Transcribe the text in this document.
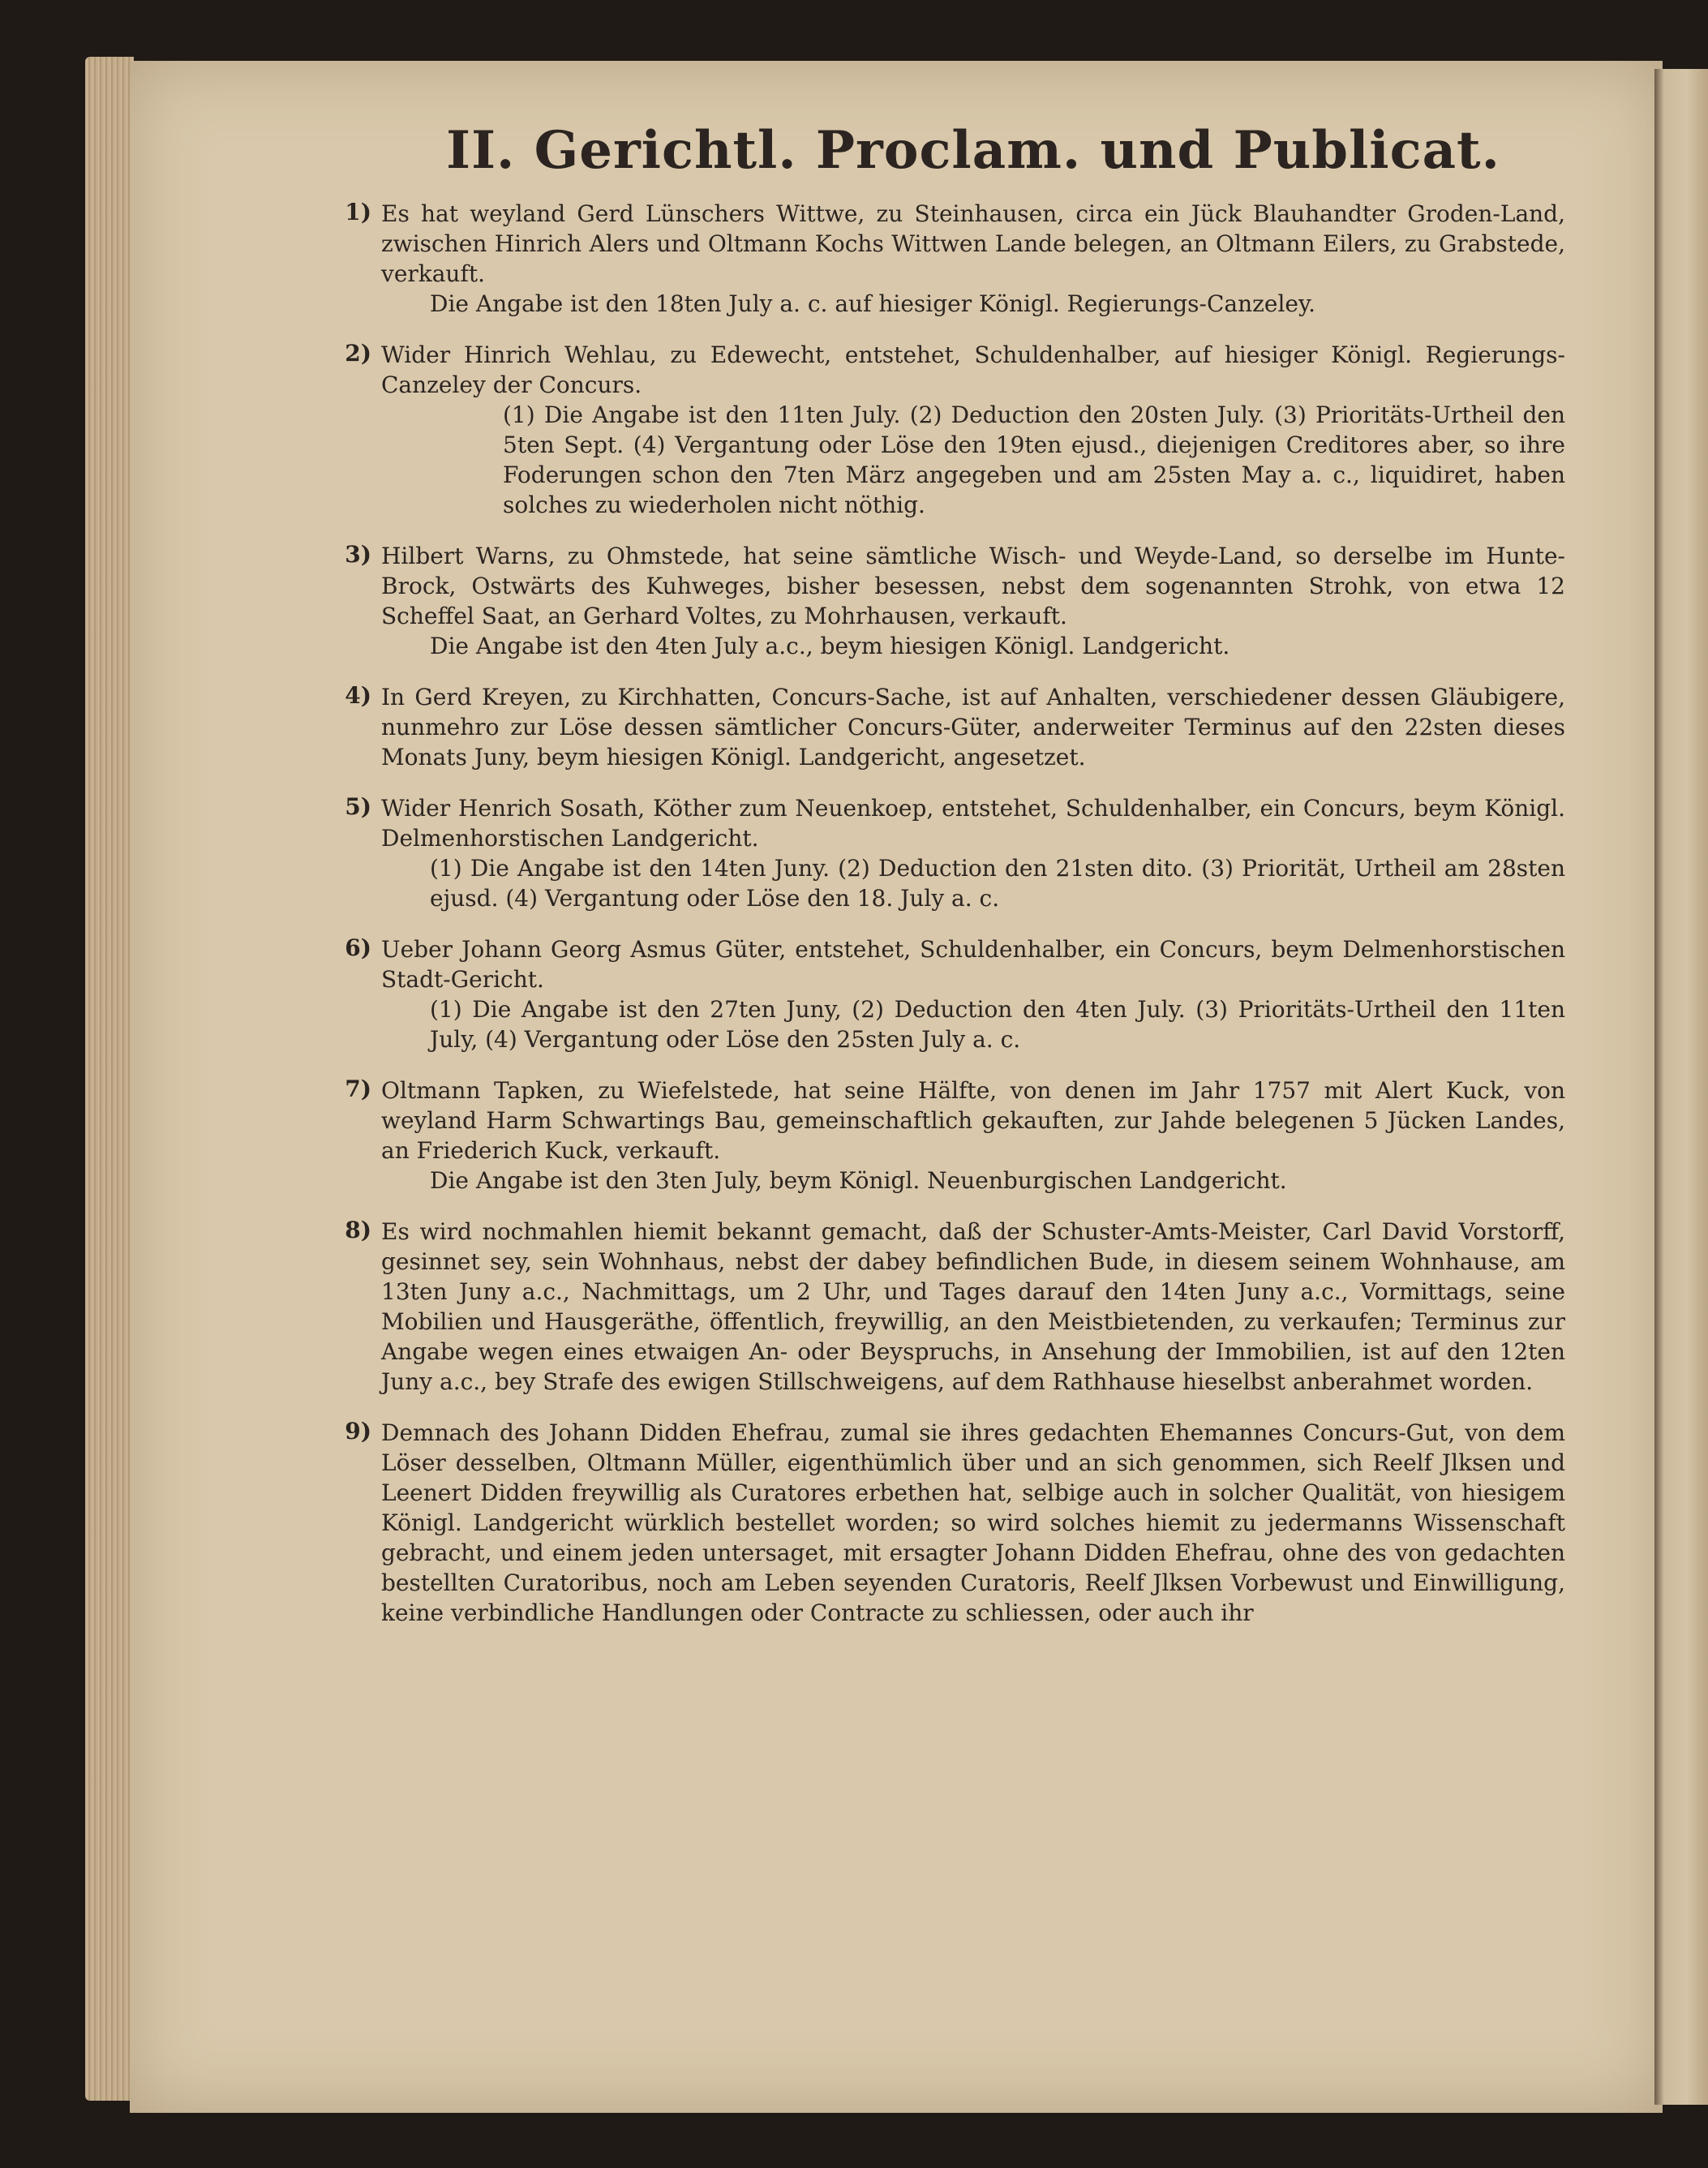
II. Gerichtl. Proclam. und Publicat.
1) Es hat weyland Gerd Lünschers Wittwe, zu Steinhausen, circa ein Jück Blauhandter Groden-Land, zwischen Hinrich Alers und Oltmann Kochs Wittwen Lande belegen, an Oltmann Eilers, zu Grabstede, verkauft.
Die Angabe ist den 18ten July a. c. auf hiesiger Königl. Regierungs-Canzeley.
2) Wider Hinrich Wehlau, zu Edewecht, entstehet, Schuldenhalber, auf hiesiger Königl. Regierungs-Canzeley der Concurs.
(1) Die Angabe ist den 11ten July. (2) Deduction den 20sten July. (3) Prioritäts-Urtheil den 5ten Sept. (4) Vergantung oder Löse den 19ten ejusd., diejenigen Creditores aber, so ihre Foderungen schon den 7ten März angegeben und am 25sten May a. c., liquidiret, haben solches zu wiederholen nicht nöthig.
3) Hilbert Warns, zu Ohmstede, hat seine sämtliche Wisch- und Weyde-Land, so derselbe im Hunte-Brock, Ostwärts des Kuhweges, bisher besessen, nebst dem sogenannten Strohk, von etwa 12 Scheffel Saat, an Gerhard Voltes, zu Mohrhausen, verkauft.
Die Angabe ist den 4ten July a.c., beym hiesigen Königl. Landgericht.
4) In Gerd Kreyen, zu Kirchhatten, Concurs-Sache, ist auf Anhalten, verschiedener dessen Gläubigere, nunmehro zur Löse dessen sämtlicher Concurs-Güter, anderweiter Terminus auf den 22sten dieses Monats Juny, beym hiesigen Königl. Landgericht, angesetzet.
5) Wider Henrich Sosath, Köther zum Neuenkoep, entstehet, Schuldenhalber, ein Concurs, beym Königl. Delmenhorstischen Landgericht.
(1) Die Angabe ist den 14ten Juny. (2) Deduction den 21sten dito. (3) Priorität, Urtheil am 28sten ejusd. (4) Vergantung oder Löse den 18. July a. c.
6) Ueber Johann Georg Asmus Güter, entstehet, Schuldenhalber, ein Concurs, beym Delmenhorstischen Stadt-Gericht.
(1) Die Angabe ist den 27ten Juny, (2) Deduction den 4ten July. (3) Prioritäts-Urtheil den 11ten July, (4) Vergantung oder Löse den 25sten July a. c.
7) Oltmann Tapken, zu Wiefelstede, hat seine Hälfte, von denen im Jahr 1757 mit Alert Kuck, von weyland Harm Schwartings Bau, gemeinschaftlich gekauften, zur Jahde belegenen 5 Jücken Landes, an Friederich Kuck, verkauft.
Die Angabe ist den 3ten July, beym Königl. Neuenburgischen Landgericht.
8) Es wird nochmahlen hiemit bekannt gemacht, daß der Schuster-Amts-Meister, Carl David Vorstorff, gesinnet sey, sein Wohnhaus, nebst der dabey befindlichen Bude, in diesem seinem Wohnhause, am 13ten Juny a.c., Nachmittags, um 2 Uhr, und Tages darauf den 14ten Juny a.c., Vormittags, seine Mobilien und Hausgeräthe, öffentlich, freywillig, an den Meistbietenden, zu verkaufen; Terminus zur Angabe wegen eines etwaigen An- oder Beyspruchs, in Ansehung der Immobilien, ist auf den 12ten Juny a.c., bey Strafe des ewigen Stillschweigens, auf dem Rathhause hieselbst anberahmet worden.
9) Demnach des Johann Didden Ehefrau, zumal sie ihres gedachten Ehemannes Concurs-Gut, von dem Löser desselben, Oltmann Müller, eigenthümlich über und an sich genommen, sich Reelf Jlksen und Leenert Didden freywillig als Curatores erbethen hat, selbige auch in solcher Qualität, von hiesigem Königl. Landgericht würklich bestellet worden; so wird solches hiemit zu jedermanns Wissenschaft gebracht, und einem jeden untersaget, mit ersagter Johann Didden Ehefrau, ohne des von gedachten bestellten Curatoribus, noch am Leben seyenden Curatoris, Reelf Jlksen Vorbewust und Einwilligung, keine verbindliche Handlungen oder Contracte zu schliessen, oder auch ihr
